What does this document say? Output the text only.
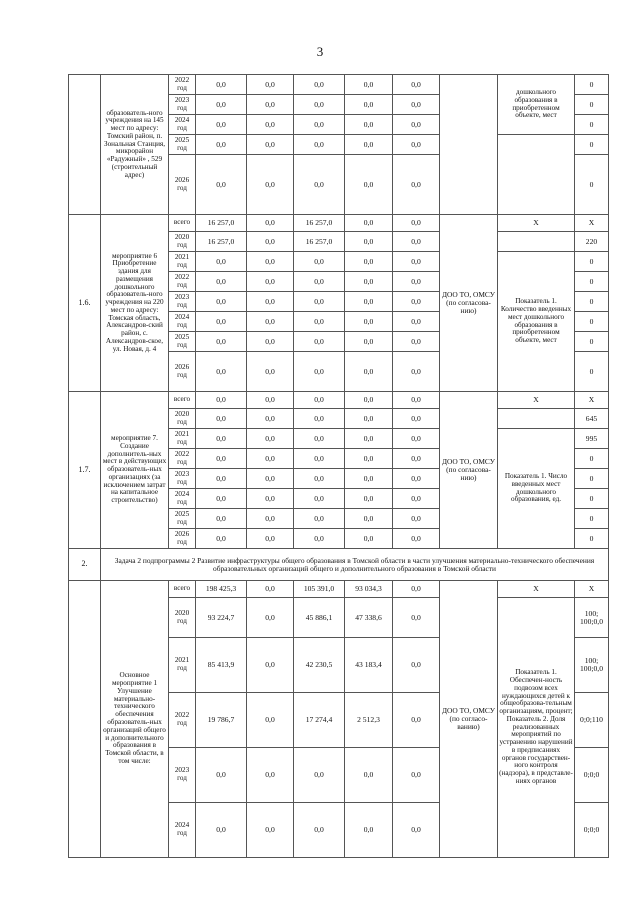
3
	образователь-ного учреждения на 145 мест по адресу: Томский район, п. Зональная Станция, микрорайон «Радужный» , 529 (строительный адрес)	2022 год	0,0	0,0	0,0	0,0	0,0		дошкольного образования в приобретенном объекте, мест	0
		2023 год	0,0	0,0	0,0	0,0	0,0			0
		2024 год	0,0	0,0	0,0	0,0	0,0			0
		2025 год	0,0	0,0	0,0	0,0	0,0			0
		2026 год	0,0	0,0	0,0	0,0	0,0			0
1.6.	мероприятие 6 Приобретение здания для размещения дошкольного образователь-ного учреждения на 220 мест по адресу: Томская область, Александров-ский район, с. Александров-ское, ул. Новая, д. 4	всего	16 257,0	0,0	16 257,0	0,0	0,0	ДОО ТО, ОМСУ (по согласова-нию)	Х	Х
		2020 год	16 257,0	0,0	16 257,0	0,0	0,0			220
		2021 год	0,0	0,0	0,0	0,0	0,0		Показатель 1. Количество введенных мест дошкольного образования в приобретенном объекте, мест	0
		2022 год	0,0	0,0	0,0	0,0	0,0			0
		2023 год	0,0	0,0	0,0	0,0	0,0			0
		2024 год	0,0	0,0	0,0	0,0	0,0			0
		2025 год	0,0	0,0	0,0	0,0	0,0			0
		2026 год	0,0	0,0	0,0	0,0	0,0			0
1.7.	мероприятие 7. Создание дополнитель-ных мест в действующих образователь-ных организациях (за исключением затрат на капитальное строительство)	всего	0,0	0,0	0,0	0,0	0,0	ДОО ТО, ОМСУ (по согласова-нию)	Х	Х
		2020 год	0,0	0,0	0,0	0,0	0,0			645
		2021 год	0,0	0,0	0,0	0,0	0,0		Показатель 1. Число введенных мест дошкольного образования, ед.	995
		2022 год	0,0	0,0	0,0	0,0	0,0			0
		2023 год	0,0	0,0	0,0	0,0	0,0			0
		2024 год	0,0	0,0	0,0	0,0	0,0			0
		2025 год	0,0	0,0	0,0	0,0	0,0			0
		2026 год	0,0	0,0	0,0	0,0	0,0			0
2.	Задача 2 подпрограммы 2 Развитие инфраструктуры общего образования в Томской области в части улучшения материально-технического обеспечения образовательных организаций общего и дополнительного образования в Томской области									
	Основное мероприятие 1 Улучшение материально-технического обеспечения образователь-ных организаций общего и дополнительного образования в Томской области, в том числе:	всего	198 425,3	0,0	105 391,0	93 034,3	0,0	ДОО ТО, ОМСУ (по согласо-ванию)	Х	Х
		2020 год	93 224,7	0,0	45 886,1	47 338,6	0,0		Показатель 1. Обеспечен-ность подвозом всех нуждающихся детей к общеобразова-тельным организациям, процент; Показатель 2. Доля реализованных мероприятий по устранению нарушений в предписаниях органов государствен-ного контроля (надзора), в представле-ниях органов	100; 100;0,0
		2021 год	85 413,9	0,0	42 230,5	43 183,4	0,0			100; 100;0,0
		2022 год	19 786,7	0,0	17 274,4	2 512,3	0,0			0;0;110
		2023 год	0,0	0,0	0,0	0,0	0,0			0;0;0
		2024 год	0,0	0,0	0,0	0,0	0,0			0;0;0
